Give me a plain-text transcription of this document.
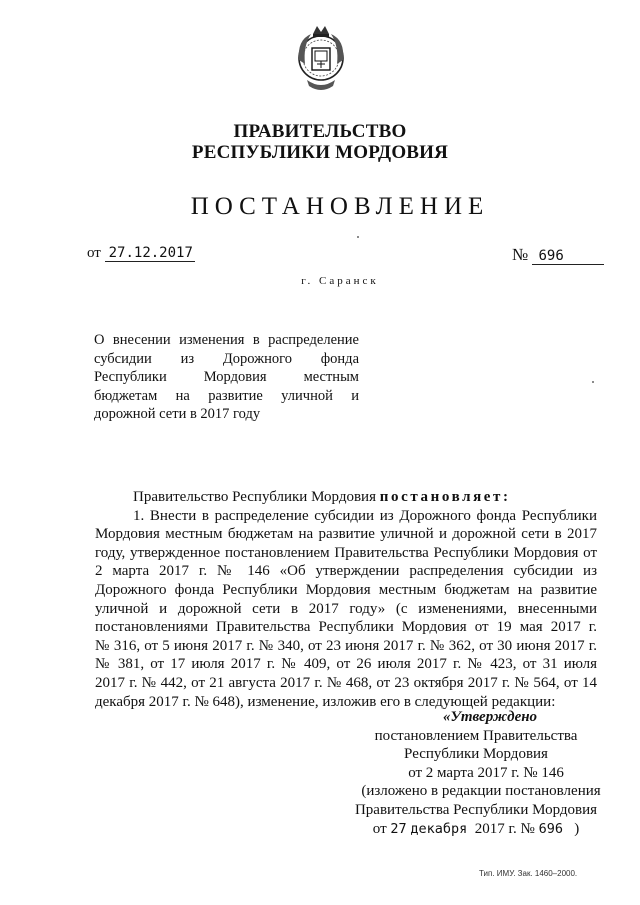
ПРАВИТЕЛЬСТВО
РЕСПУБЛИКИ МОРДОВИЯ
ПОСТАНОВЛЕНИЕ
от 27.12.2017	№ 696
г. Саранск
О внесении изменения в распределение
субсидии из Дорожного фонда
Республики Мордовия местным
бюджетам на развитие уличной и
дорожной сети в 2017 году
Правительство Республики Мордовия постановляет:
1. Внести в распределение субсидии из Дорожного фонда Республики
Мордовия местным бюджетам на развитие уличной и дорожной сети в 2017
году, утвержденное постановлением Правительства Республики Мордовия от
2 марта 2017 г. № 146 «Об утверждении распределения субсидии из
Дорожного фонда Республики Мордовия местным бюджетам на развитие
уличной и дорожной сети в 2017 году» (с изменениями, внесенными
постановлениями Правительства Республики Мордовия от 19 мая 2017 г.
№ 316, от 5 июня 2017 г. № 340, от 23 июня 2017 г. № 362, от 30 июня 2017 г.
№ 381, от 17 июля 2017 г. № 409, от 26 июля 2017 г. № 423, от 31 июля
2017 г. № 442, от 21 августа 2017 г. № 468, от 23 октября 2017 г. № 564, от 14
декабря 2017 г. № 648), изменение, изложив его в следующей редакции:
«Утверждено
постановлением Правительства
Республики Мордовия
от 2 марта 2017 г. № 146
(изложено в редакции постановления
Правительства Республики Мордовия
от 27 декабря 2017 г. № 696 )
Тип. ИМУ. Зак. 1460–2000.
